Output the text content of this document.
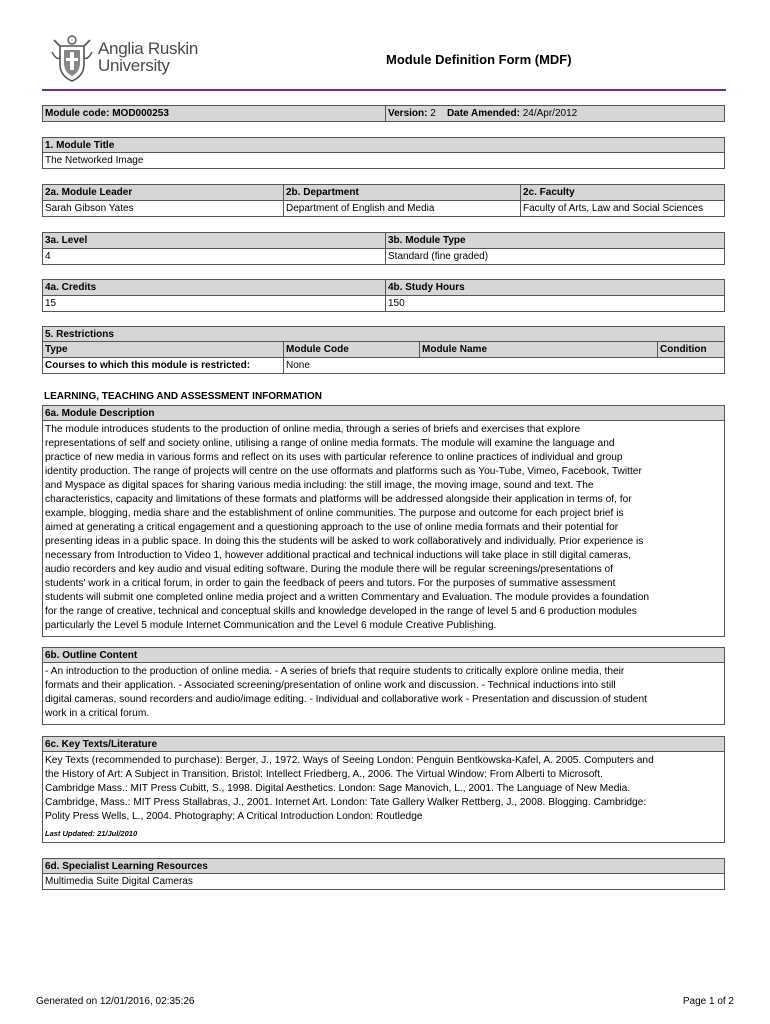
Anglia Ruskin
University	Module Definition Form (MDF)
Module code: MOD000253	Version: 2 Date Amended: 24/Apr/2012
1. Module Title
The Networked Image
2a. Module Leader	2b. Department	2c. Faculty
Sarah Gibson Yates	Department of English and Media	Faculty of Arts, Law and Social Sciences
3a. Level	3b. Module Type
4	Standard (fine graded)
4a. Credits	4b. Study Hours
15	150
5. Restrictions
Type	Module Code	Module Name	Condition
Courses to which this module is restricted:	None
LEARNING, TEACHING AND ASSESSMENT INFORMATION
6a. Module Description
The module introduces students to the production of online media, through a series of briefs and exercises that explore
representations of self and society online, utilising a range of online media formats. The module will examine the language and
practice of new media in various forms and reflect on its uses with particular reference to online practices of individual and group
identity production. The range of projects will centre on the use offormats and platforms such as You-Tube, Vimeo, Facebook, Twitter
and Myspace as digital spaces for sharing various media including: the still image, the moving image, sound and text. The
characteristics, capacity and limitations of these formats and platforms will be addressed alongside their application in terms of, for
example, blogging, media share and the establishment of online communities. The purpose and outcome for each project brief is
aimed at generating a critical engagement and a questioning approach to the use of online media formats and their potential for
presenting ideas in a public space. In doing this the students will be asked to work collaboratively and individually. Prior experience is
necessary from Introduction to Video 1, however additional practical and technical inductions will take place in still digital cameras,
audio recorders and key audio and visual editing software. During the module there will be regular screenings/presentations of
students' work in a critical forum, in order to gain the feedback of peers and tutors. For the purposes of summative assessment
students will submit one completed online media project and a written Commentary and Evaluation. The module provides a foundation
for the range of creative, technical and conceptual skills and knowledge developed in the range of level 5 and 6 production modules
particularly the Level 5 module Internet Communication and the Level 6 module Creative Publishing.
6b. Outline Content
- An introduction to the production of online media. - A series of briefs that require students to critically explore online media, their
formats and their application. - Associated screening/presentation of online work and discussion. - Technical inductions into still
digital cameras, sound recorders and audio/image editing. - Individual and collaborative work - Presentation and discussion of student
work in a critical forum.
6c. Key Texts/Literature
Key Texts (recommended to purchase): Berger, J., 1972. Ways of Seeing London: Penguin Bentkowska-Kafel, A. 2005. Computers and
the History of Art: A Subject in Transition. Bristol: Intellect Friedberg, A., 2006. The Virtual Window: From Alberti to Microsoft.
Cambridge Mass.: MIT Press Cubitt, S., 1998. Digital Aesthetics. London: Sage Manovich, L., 2001. The Language of New Media.
Cambridge, Mass.: MIT Press Stallabras, J., 2001. Internet Art. London: Tate Gallery Walker Rettberg, J., 2008. Blogging. Cambridge:
Polity Press Wells, L., 2004. Photography; A Critical Introduction London: Routledge
Last Updated: 21/Jul/2010
6d. Specialist Learning Resources
Multimedia Suite Digital Cameras
Generated on 12/01/2016, 02:35:26	Page 1 of 2
